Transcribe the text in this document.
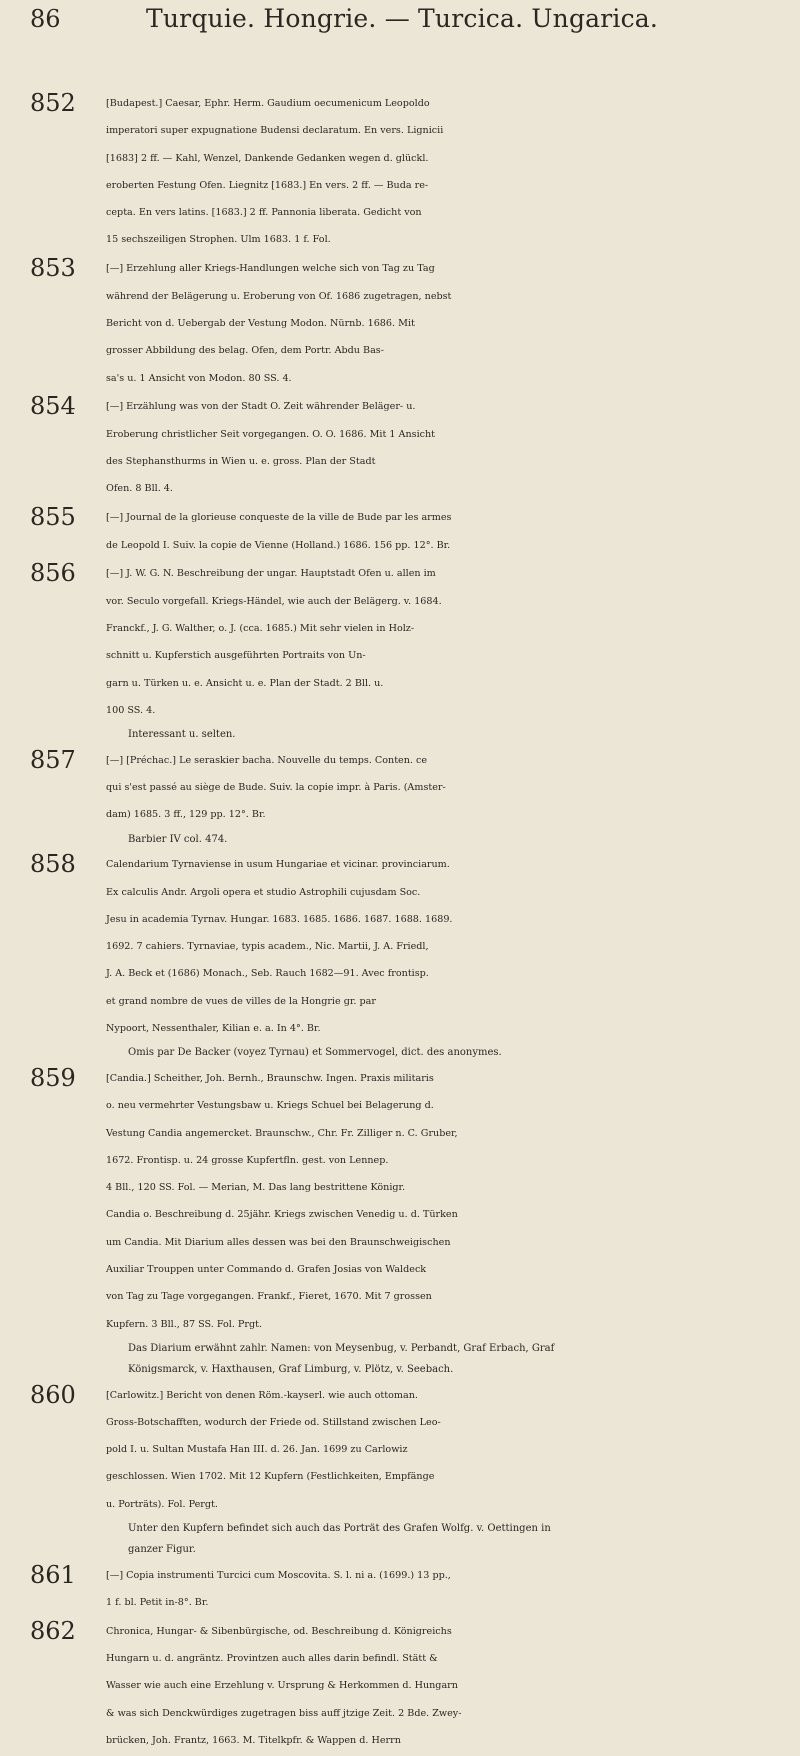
86	Turquie. Hongrie. — Turcica. Ungarica.
852	[Budapest.] Caesar, Ephr. Herm. Gaudium oecumenicum Leopoldo
imperatori super expugnatione Budensi declaratum. En vers. Lignicii
[1683] 2 ff. — Kahl, Wenzel, Dankende Gedanken wegen d. glückl.
eroberten Festung Ofen. Liegnitz [1683.] En vers. 2 ff. — Buda re-
cepta. En vers latins. [1683.] 2 ff. Pannonia liberata. Gedicht von
15 sechszeiligen Strophen. Ulm 1683. 1 f. Fol.
853	[—] Erzehlung aller Kriegs-Handlungen welche sich von Tag zu Tag
während der Belägerung u. Eroberung von Of. 1686 zugetragen, nebst
Bericht von d. Uebergab der Vestung Modon. Nürnb. 1686. Mit
grosser Abbildung des belag. Ofen, dem Portr. Abdu Bas-
sa's u. 1 Ansicht von Modon. 80 SS. 4.
854	[—] Erzählung was von der Stadt O. Zeit währender Beläger- u.
Eroberung christlicher Seit vorgegangen. O. O. 1686. Mit 1 Ansicht
des Stephansthurms in Wien u. e. gross. Plan der Stadt
Ofen. 8 Bll. 4.
855	[—] Journal de la glorieuse conqueste de la ville de Bude par les armes
de Leopold I. Suiv. la copie de Vienne (Holland.) 1686. 156 pp. 12°. Br.
856	[—] J. W. G. N. Beschreibung der ungar. Hauptstadt Ofen u. allen im
vor. Seculo vorgefall. Kriegs-Händel, wie auch der Belägerg. v. 1684.
Franckf., J. G. Walther, o. J. (cca. 1685.) Mit sehr vielen in Holz-
schnitt u. Kupferstich ausgeführten Portraits von Un-
garn u. Türken u. e. Ansicht u. e. Plan der Stadt. 2 Bll. u.
100 SS. 4.
Interessant u. selten.
857	[—] [Préchac.] Le seraskier bacha. Nouvelle du temps. Conten. ce
qui s'est passé au siège de Bude. Suiv. la copie impr. à Paris. (Amster-
dam) 1685. 3 ff., 129 pp. 12°. Br.
Barbier IV col. 474.
858	Calendarium Tyrnaviense in usum Hungariae et vicinar. provinciarum.
Ex calculis Andr. Argoli opera et studio Astrophili cujusdam Soc.
Jesu in academia Tyrnav. Hungar. 1683. 1685. 1686. 1687. 1688. 1689.
1692. 7 cahiers. Tyrnaviae, typis academ., Nic. Martii, J. A. Friedl,
J. A. Beck et (1686) Monach., Seb. Rauch 1682—91. Avec frontisp.
et grand nombre de vues de villes de la Hongrie gr. par
Nypoort, Nessenthaler, Kilian e. a. In 4°. Br.
Omis par De Backer (voyez Tyrnau) et Sommervogel, dict. des anonymes.
859	[Candia.] Scheither, Joh. Bernh., Braunschw. Ingen. Praxis militaris
o. neu vermehrter Vestungsbaw u. Kriegs Schuel bei Belagerung d.
Vestung Candia angemercket. Braunschw., Chr. Fr. Zilliger n. C. Gruber,
1672. Frontisp. u. 24 grosse Kupfertfln. gest. von Lennep.
4 Bll., 120 SS. Fol. — Merian, M. Das lang bestrittene Königr.
Candia o. Beschreibung d. 25jähr. Kriegs zwischen Venedig u. d. Türken
um Candia. Mit Diarium alles dessen was bei den Braunschweigischen
Auxiliar Trouppen unter Commando d. Grafen Josias von Waldeck
von Tag zu Tage vorgegangen. Frankf., Fieret, 1670. Mit 7 grossen
Kupfern. 3 Bll., 87 SS. Fol. Prgt.
Das Diarium erwähnt zahlr. Namen: von Meysenbug, v. Perbandt, Graf Erbach, Graf
Königsmarck, v. Haxthausen, Graf Limburg, v. Plötz, v. Seebach.
860	[Carlowitz.] Bericht von denen Röm.-kayserl. wie auch ottoman.
Gross-Botschafften, wodurch der Friede od. Stillstand zwischen Leo-
pold I. u. Sultan Mustafa Han III. d. 26. Jan. 1699 zu Carlowiz
geschlossen. Wien 1702. Mit 12 Kupfern (Festlichkeiten, Empfänge
u. Porträts). Fol. Pergt.
Unter den Kupfern befindet sich auch das Porträt des Grafen Wolfg. v. Oettingen in
ganzer Figur.
861	[—] Copia instrumenti Turcici cum Moscovita. S. l. ni a. (1699.) 13 pp.,
1 f. bl. Petit in-8°. Br.
862	Chronica, Hungar- & Sibenbürgische, od. Beschreibung d. Königreichs
Hungarn u. d. angräntz. Provintzen auch alles darin befindl. Stätt &
Wasser wie auch eine Erzehlung v. Ursprung & Herkommen d. Hungarn
& was sich Denckwürdiges zugetragen biss auff jtzige Zeit. 2 Bde. Zwey-
brücken, Joh. Frantz, 1663. M. Titelkpfr. & Wappen d. Herrn
